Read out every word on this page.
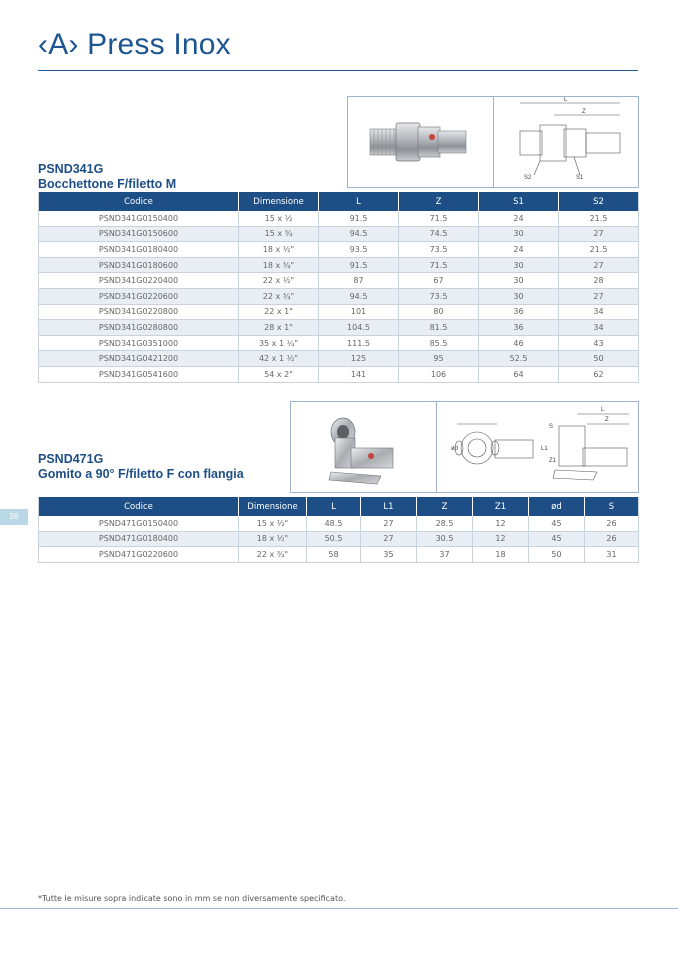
‹A› Press Inox
L
Z
S2	S1
PSND341G
Bocchettone F/filetto M
Codice	Dimensione	L	Z	S1	S2
PSND341G0150400	15 x ½	91.5	71.5	24	21.5
PSND341G0150600	15 x ¾	94.5	74.5	30	27
PSND341G0180400	18 x ½"	93.5	73.5	24	21.5
PSND341G0180600	18 x ¾"	91.5	71.5	30	27
PSND341G0220400	22 x ½"	87	67	30	28
PSND341G0220600	22 x ¾"	94.5	73.5	30	27
PSND341G0220800	22 x 1"	101	80	36	34
PSND341G0280800	28 x 1"	104.5	81.5	36	34
PSND341G0351000	35 x 1 ¼"	111.5	85.5	46	43
PSND341G0421200	42 x 1 ½"	125	95	52.5	50
PSND341G0541600	54 x 2"	141	106	64	62
ød
L
Z
S
L1
Z1
PSND471G
Gomito a 90° F/filetto F con flangia
26
Codice	Dimensione	L	L1	Z	Z1	ød	S
PSND471G0150400	15 x ½"	48.5	27	28.5	12	45	26
PSND471G0180400	18 x ½"	50.5	27	30.5	12	45	26
PSND471G0220600	22 x ¾"	58	35	37	18	50	31
*Tutte le misure sopra indicate sono in mm se non diversamente specificato.
